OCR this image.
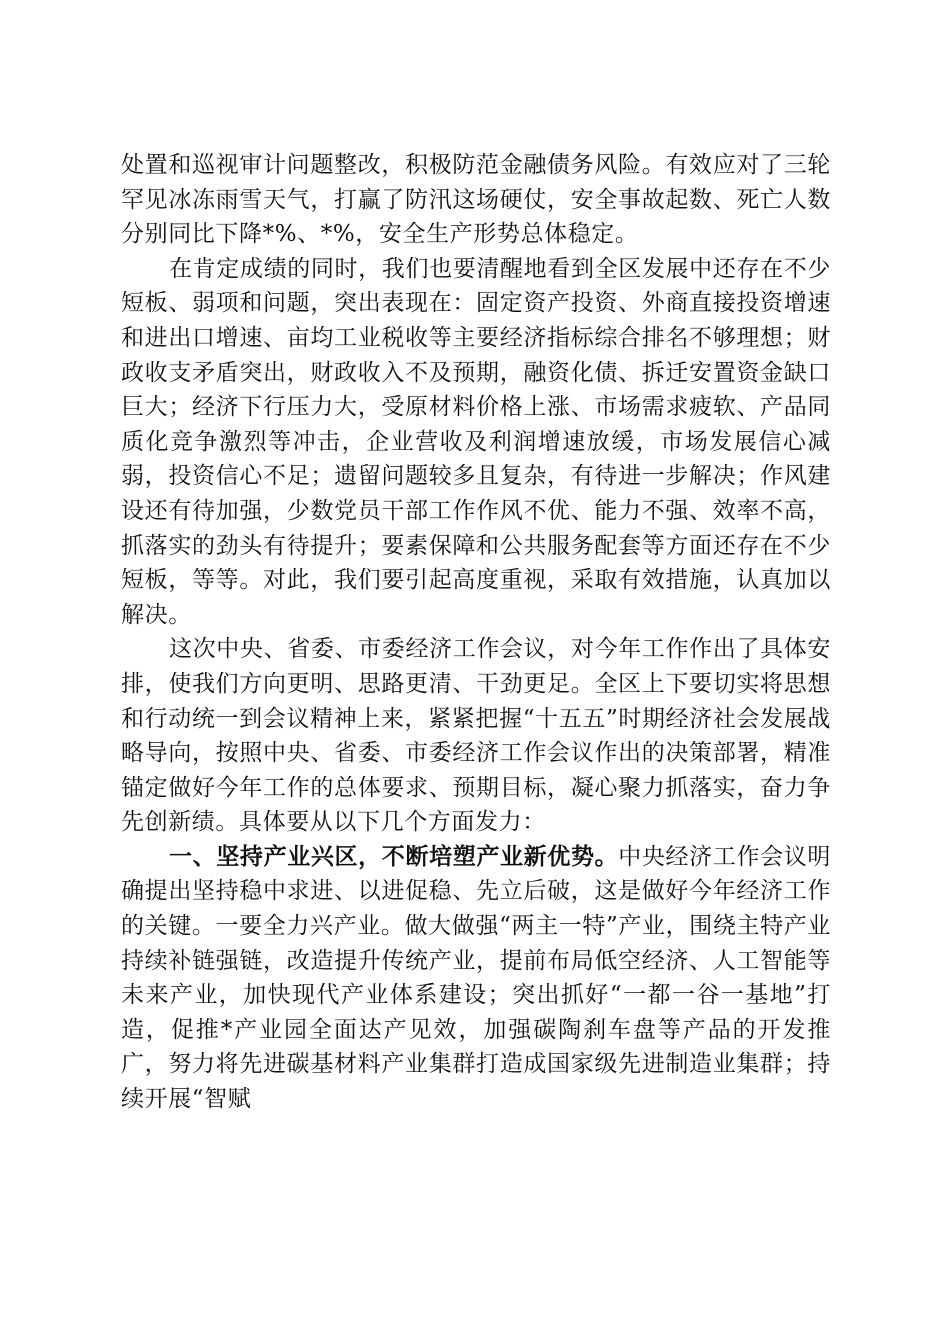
处置和巡视审计问题整改，积极防范金融债务风险。有效应对了三轮罕见冰冻雨雪天气，打赢了防汛这场硬仗，安全事故起数、死亡人数分别同比下降*%、*%，安全生产形势总体稳定。

在肯定成绩的同时，我们也要清醒地看到全区发展中还存在不少短板、弱项和问题，突出表现在：固定资产投资、外商直接投资增速和进出口增速、亩均工业税收等主要经济指标综合排名不够理想；财政收支矛盾突出，财政收入不及预期，融资化债、拆迁安置资金缺口巨大；经济下行压力大，受原材料价格上涨、市场需求疲软、产品同质化竞争激烈等冲击，企业营收及利润增速放缓，市场发展信心减弱，投资信心不足；遗留问题较多且复杂，有待进一步解决；作风建设还有待加强，少数党员干部工作作风不优、能力不强、效率不高，抓落实的劲头有待提升；要素保障和公共服务配套等方面还存在不少短板，等等。对此，我们要引起高度重视，采取有效措施，认真加以解决。

这次中央、省委、市委经济工作会议，对今年工作作出了具体安排，使我们方向更明、思路更清、干劲更足。全区上下要切实将思想和行动统一到会议精神上来，紧紧把握“十五五”时期经济社会发展战略导向，按照中央、省委、市委经济工作会议作出的决策部署，精准锚定做好今年工作的总体要求、预期目标，凝心聚力抓落实，奋力争先创新绩。具体要从以下几个方面发力：

一、坚持产业兴区，不断培塑产业新优势。中央经济工作会议明确提出坚持稳中求进、以进促稳、先立后破，这是做好今年经济工作的关键。一要全力兴产业。做大做强“两主一特”产业，围绕主特产业持续补链强链，改造提升传统产业，提前布局低空经济、人工智能等未来产业，加快现代产业体系建设；突出抓好“一都一谷一基地”打造，促推*产业园全面达产见效，加强碳陶刹车盘等产品的开发推广，努力将先进碳基材料产业集群打造成国家级先进制造业集群；持续开展“智赋
